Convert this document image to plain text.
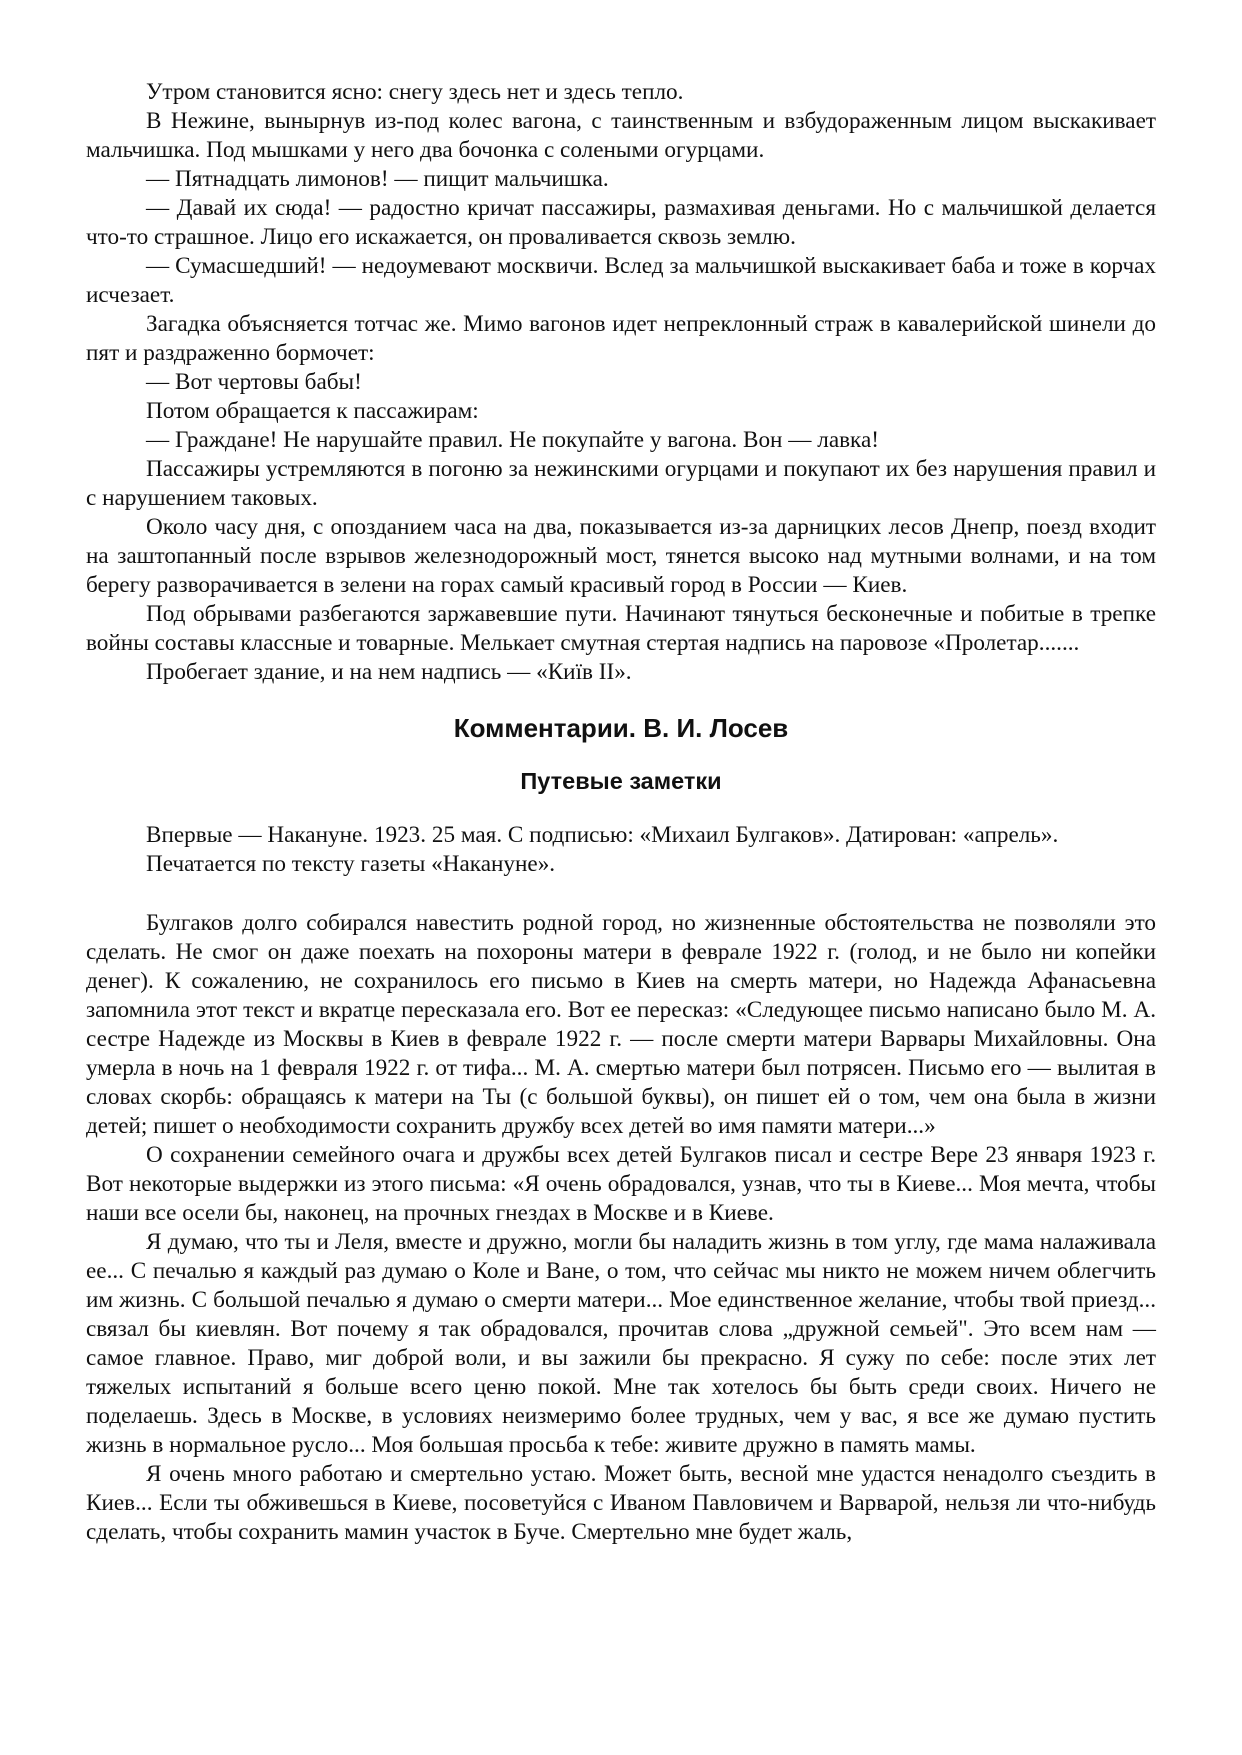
Утром становится ясно: снегу здесь нет и здесь тепло.

В Нежине, вынырнув из-под колес вагона, с таинственным и взбудораженным лицом выскакивает мальчишка. Под мышками у него два бочонка с солеными огурцами.

— Пятнадцать лимонов! — пищит мальчишка.

— Давай их сюда! — радостно кричат пассажиры, размахивая деньгами. Но с мальчишкой делается что-то страшное. Лицо его искажается, он проваливается сквозь землю.

— Сумасшедший! — недоумевают москвичи. Вслед за мальчишкой выскакивает баба и тоже в корчах исчезает.

Загадка объясняется тотчас же. Мимо вагонов идет непреклонный страж в кавалерийской шинели до пят и раздраженно бормочет:

— Вот чертовы бабы!

Потом обращается к пассажирам:

— Граждане! Не нарушайте правил. Не покупайте у вагона. Вон — лавка!

Пассажиры устремляются в погоню за нежинскими огурцами и покупают их без нарушения правил и с нарушением таковых.

Около часу дня, с опозданием часа на два, показывается из-за дарницких лесов Днепр, поезд входит на заштопанный после взрывов железнодорожный мост, тянется высоко над мутными волнами, и на том берегу разворачивается в зелени на горах самый красивый город в России — Киев.

Под обрывами разбегаются заржавевшие пути. Начинают тянуться бесконечные и побитые в трепке войны составы классные и товарные. Мелькает смутная стертая надпись на паровозе «Пролетар.......

Пробегает здание, и на нем надпись — «Київ II».

Комментарии. В. И. Лосев
Путевые заметки

Впервые — Накануне. 1923. 25 мая. С подписью: «Михаил Булгаков». Датирован: «апрель».

Печатается по тексту газеты «Накануне».

Булгаков долго собирался навестить родной город, но жизненные обстоятельства не позволяли это сделать. Не смог он даже поехать на похороны матери в феврале 1922 г. (голод, и не было ни копейки денег). К сожалению, не сохранилось его письмо в Киев на смерть матери, но Надежда Афанасьевна запомнила этот текст и вкратце пересказала его. Вот ее пересказ: «Следующее письмо написано было М. А. сестре Надежде из Москвы в Киев в феврале 1922 г. — после смерти матери Варвары Михайловны. Она умерла в ночь на 1 февраля 1922 г. от тифа... М. А. смертью матери был потрясен. Письмо его — вылитая в словах скорбь: обращаясь к матери на Ты (с большой буквы), он пишет ей о том, чем она была в жизни детей; пишет о необходимости сохранить дружбу всех детей во имя памяти матери...»

О сохранении семейного очага и дружбы всех детей Булгаков писал и сестре Вере 23 января 1923 г. Вот некоторые выдержки из этого письма: «Я очень обрадовался, узнав, что ты в Киеве... Моя мечта, чтобы наши все осели бы, наконец, на прочных гнездах в Москве и в Киеве.

Я думаю, что ты и Леля, вместе и дружно, могли бы наладить жизнь в том углу, где мама налаживала ее... С печалью я каждый раз думаю о Коле и Ване, о том, что сейчас мы никто не можем ничем облегчить им жизнь. С большой печалью я думаю о смерти матери... Мое единственное желание, чтобы твой приезд... связал бы киевлян. Вот почему я так обрадовался, прочитав слова „дружной семьей". Это всем нам — самое главное. Право, миг доброй воли, и вы зажили бы прекрасно. Я сужу по себе: после этих лет тяжелых испытаний я больше всего ценю покой. Мне так хотелось бы быть среди своих. Ничего не поделаешь. Здесь в Москве, в условиях неизмеримо более трудных, чем у вас, я все же думаю пустить жизнь в нормальное русло... Моя большая просьба к тебе: живите дружно в память мамы.

Я очень много работаю и смертельно устаю. Может быть, весной мне удастся ненадолго съездить в Киев... Если ты обживешься в Киеве, посоветуйся с Иваном Павловичем и Варварой, нельзя ли что-нибудь сделать, чтобы сохранить мамин участок в Буче. Смертельно мне будет жаль,
